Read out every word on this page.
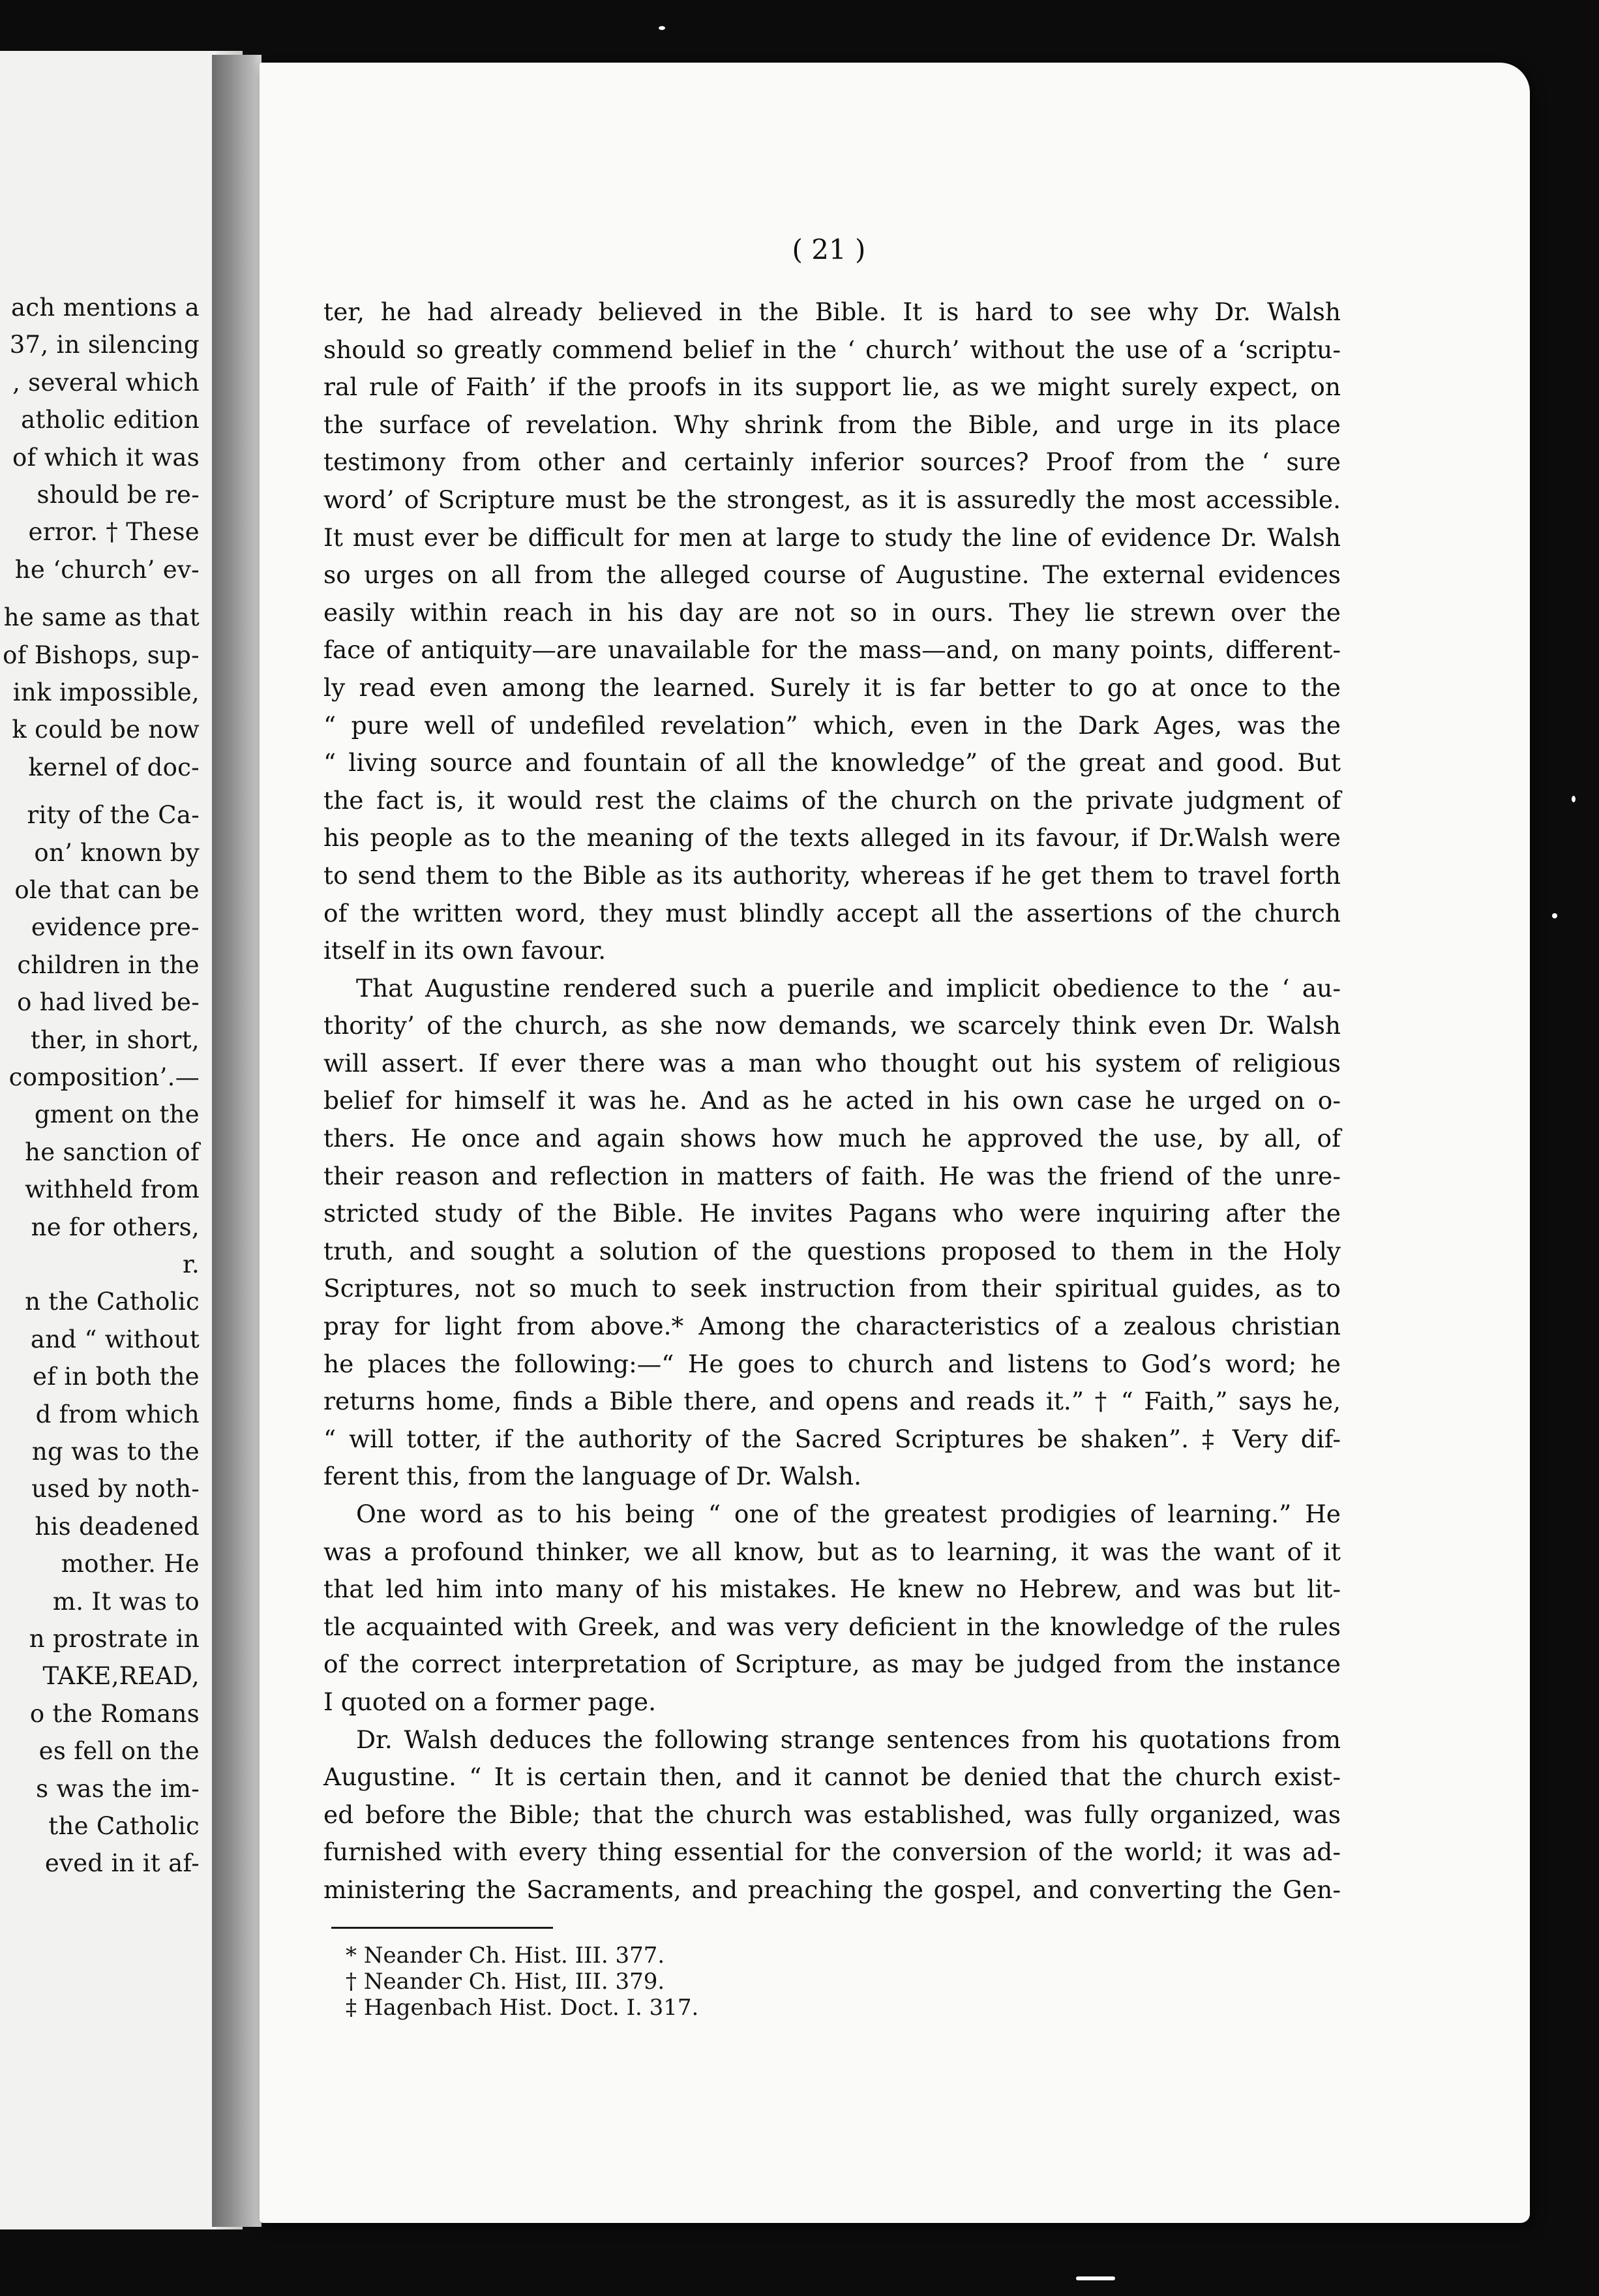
ach mentions a
37, in silencing
, several which
atholic edition
of which it was
should be re-
error. † These
he ‘church’ ev-
he same as that
of Bishops, sup-
ink impossible,
k could be now
kernel of doc-
rity of the Ca-
on’ known by
ole that can be
evidence pre-
children in the
o had lived be-
ther, in short,
composition’.—
gment on the
he sanction of
withheld from
ne for others,
r.
n the Catholic
and “ without
ef in both the
d from which
ng was to the
used by noth-
his deadened
mother. He
m. It was to
n prostrate in
TAKE,READ,
o the Romans
es fell on the
s was the im-
the Catholic
eved in it af-
( 21 )
ter, he had already believed in the Bible. It is hard to see why Dr. Walsh
should so greatly commend belief in the ‘ church’ without the use of a ‘scriptu-
ral rule of Faith’ if the proofs in its support lie, as we might surely expect, on
the surface of revelation. Why shrink from the Bible, and urge in its place
testimony from other and certainly inferior sources? Proof from the ‘ sure
word’ of Scripture must be the strongest, as it is assuredly the most accessible.
It must ever be difficult for men at large to study the line of evidence Dr. Walsh
so urges on all from the alleged course of Augustine. The external evidences
easily within reach in his day are not so in ours. They lie strewn over the
face of antiquity—are unavailable for the mass—and, on many points, different-
ly read even among the learned. Surely it is far better to go at once to the
“ pure well of undefiled revelation” which, even in the Dark Ages, was the
“ living source and fountain of all the knowledge” of the great and good. But
the fact is, it would rest the claims of the church on the private judgment of
his people as to the meaning of the texts alleged in its favour, if Dr.Walsh were
to send them to the Bible as its authority, whereas if he get them to travel forth
of the written word, they must blindly accept all the assertions of the church
itself in its own favour.
That Augustine rendered such a puerile and implicit obedience to the ‘ au-
thority’ of the church, as she now demands, we scarcely think even Dr. Walsh
will assert. If ever there was a man who thought out his system of religious
belief for himself it was he. And as he acted in his own case he urged on o-
thers. He once and again shows how much he approved the use, by all, of
their reason and reflection in matters of faith. He was the friend of the unre-
stricted study of the Bible. He invites Pagans who were inquiring after the
truth, and sought a solution of the questions proposed to them in the Holy
Scriptures, not so much to seek instruction from their spiritual guides, as to
pray for light from above.* Among the characteristics of a zealous christian
he places the following:—“ He goes to church and listens to God’s word; he
returns home, finds a Bible there, and opens and reads it.” † “ Faith,” says he,
“ will totter, if the authority of the Sacred Scriptures be shaken”. ‡ Very dif-
ferent this, from the language of Dr. Walsh.
One word as to his being “ one of the greatest prodigies of learning.” He
was a profound thinker, we all know, but as to learning, it was the want of it
that led him into many of his mistakes. He knew no Hebrew, and was but lit-
tle acquainted with Greek, and was very deficient in the knowledge of the rules
of the correct interpretation of Scripture, as may be judged from the instance
I quoted on a former page.
Dr. Walsh deduces the following strange sentences from his quotations from
Augustine. “ It is certain then, and it cannot be denied that the church exist-
ed before the Bible; that the church was established, was fully organized, was
furnished with every thing essential for the conversion of the world; it was ad-
ministering the Sacraments, and preaching the gospel, and converting the Gen-
* Neander Ch. Hist. III. 377.
† Neander Ch. Hist, III. 379.
‡ Hagenbach Hist. Doct. I. 317.
